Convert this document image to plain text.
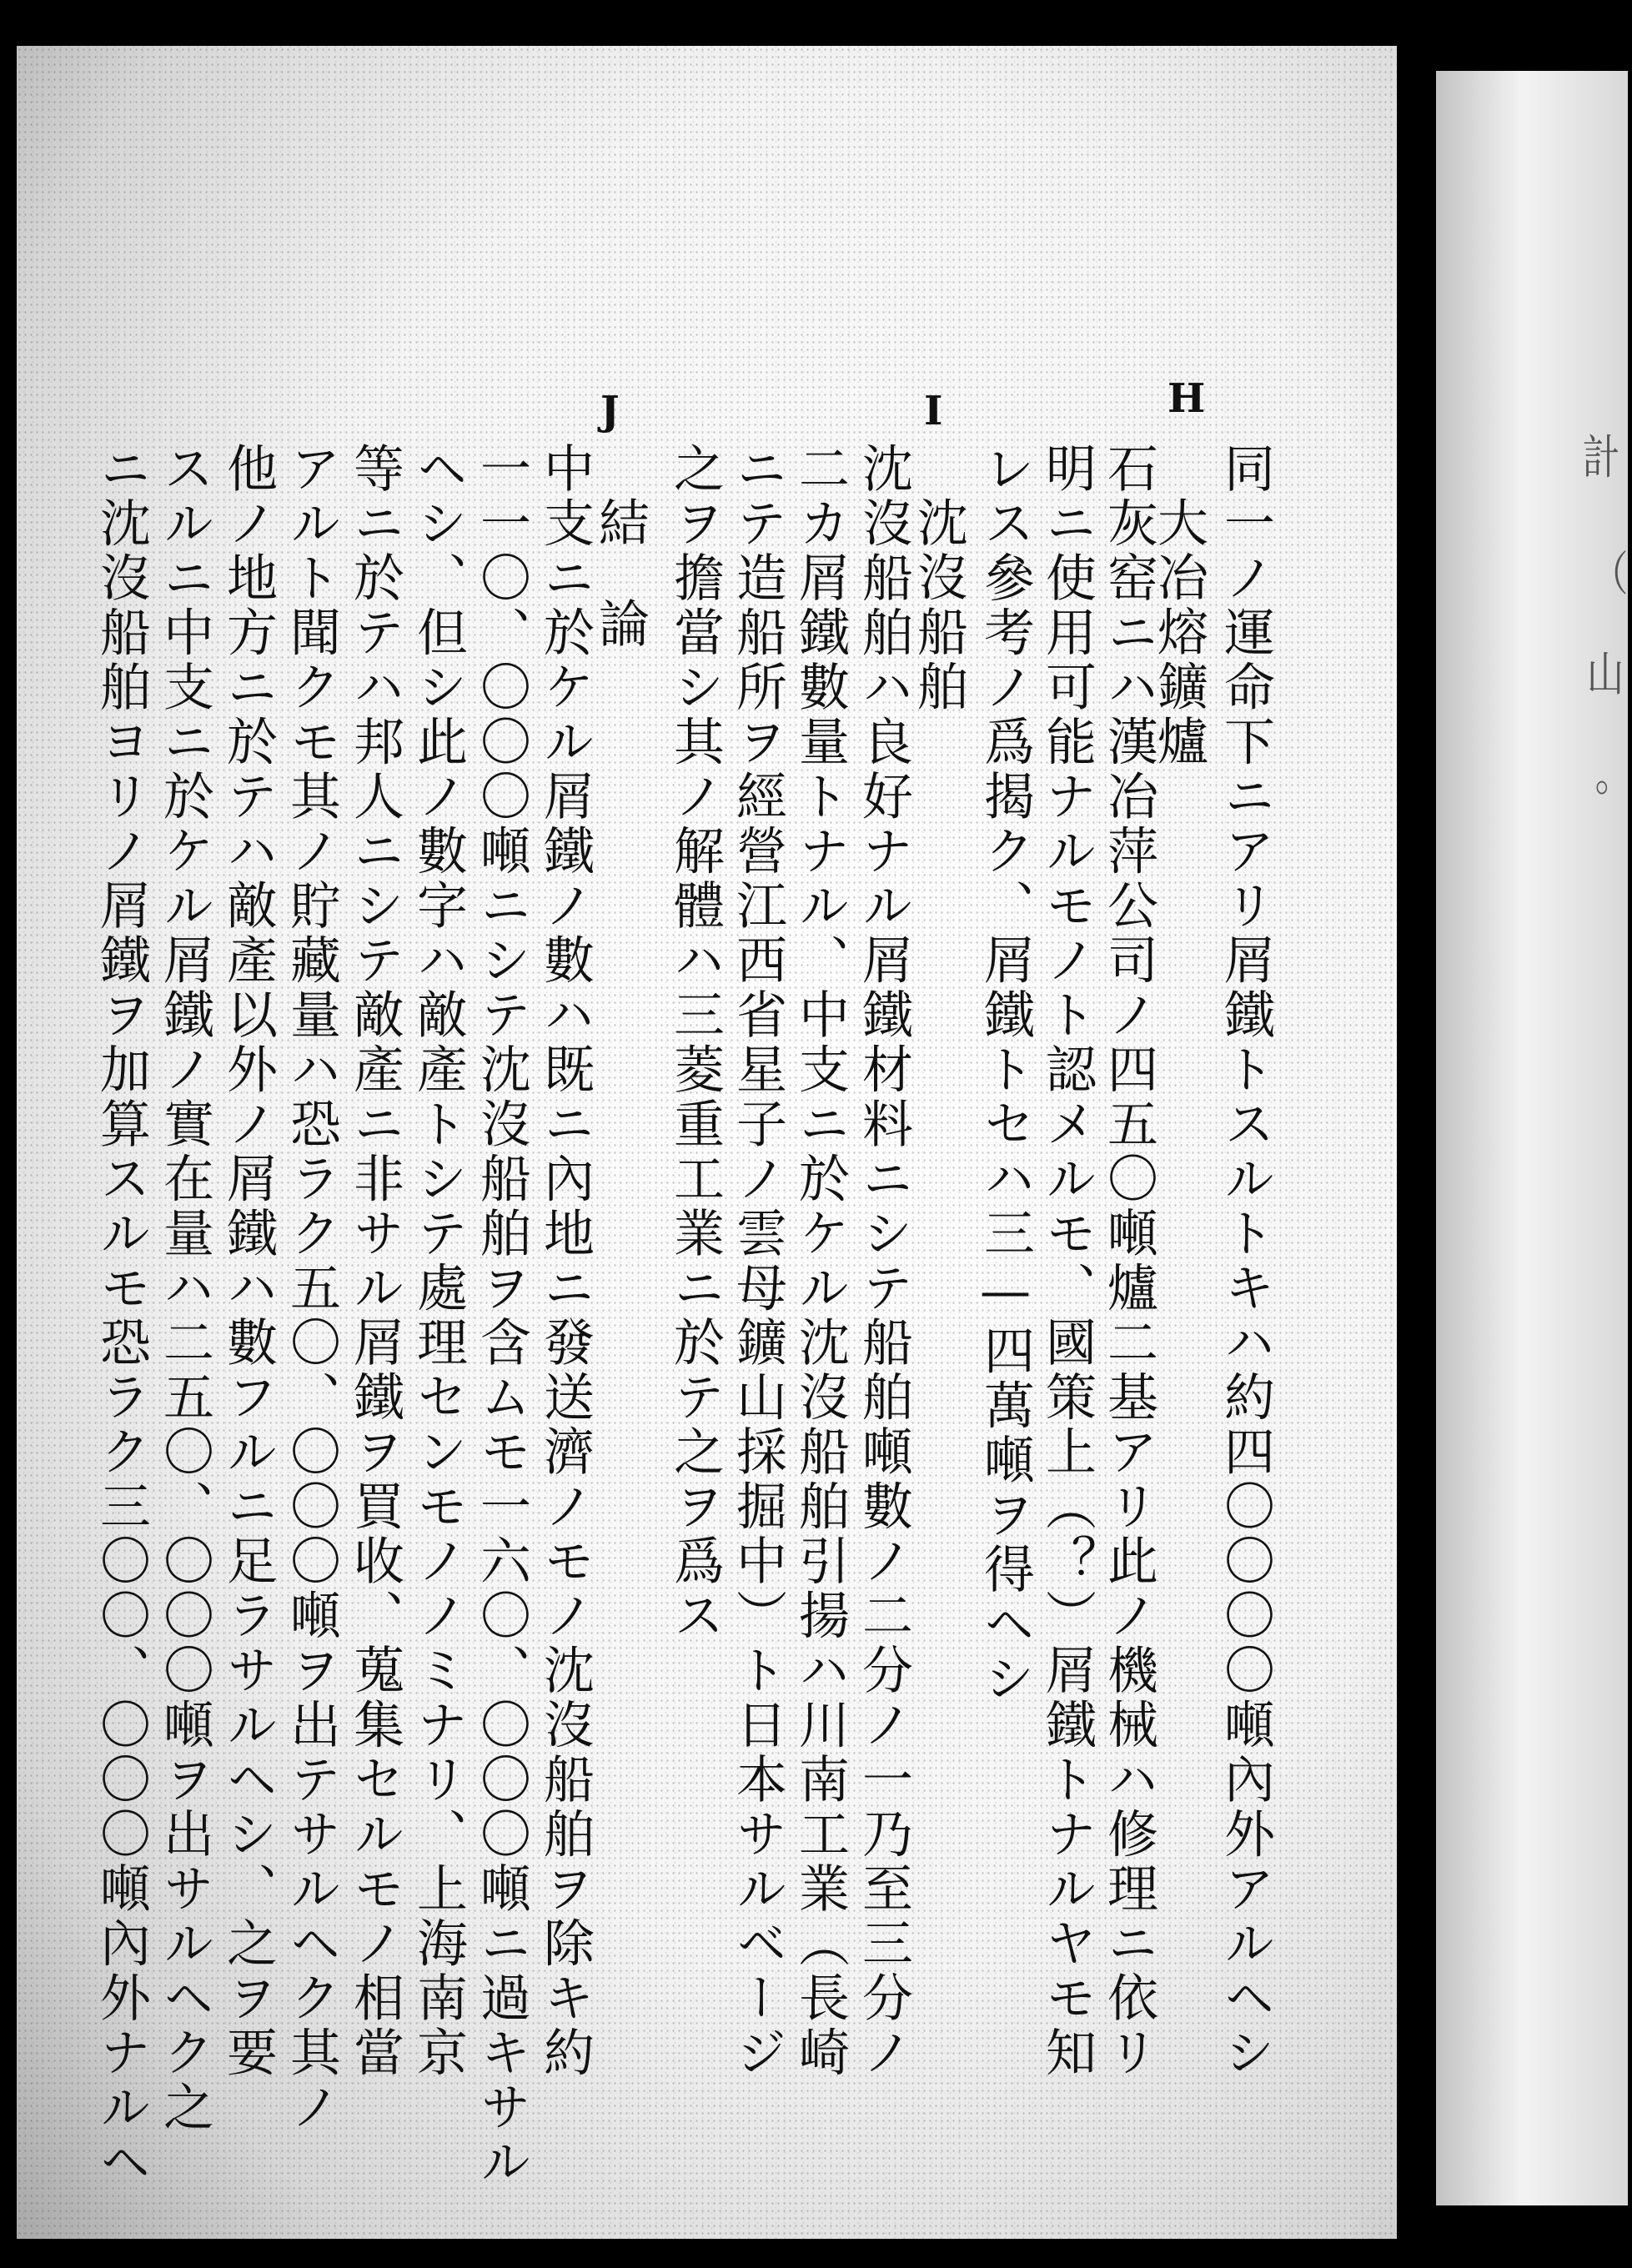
H
I
J
同一ノ運命下ニアリ屑鐵トスルトキハ約四〇〇〇〇噸內外アルヘシ
大冶熔鑛爐
石灰窑ニハ漢冶萍公司ノ四五〇噸爐二基アリ此ノ機械ハ修理ニ依リ
明ニ使用可能ナルモノト認メルモ、國策上（？）屑鐵トナルヤモ知
レス參考ノ爲揭ク、屑鐵トセハ三—四萬噸ヲ得ヘシ
沈沒船舶
沈沒船舶ハ良好ナル屑鐵材料ニシテ船舶噸數ノ二分ノ一乃至三分ノ
二カ屑鐵數量トナル、中支ニ於ケル沈沒船舶引揚ハ川南工業（長崎
ニテ造船所ヲ經營江西省星子ノ雲母鑛山採掘中）ト日本サルベージ
之ヲ擔當シ其ノ解體ハ三菱重工業ニ於テ之ヲ爲ス
結論
中支ニ於ケル屑鐵ノ數ハ既ニ內地ニ發送濟ノモノ沈沒船舶ヲ除キ約
一一〇、〇〇〇噸ニシテ沈沒船舶ヲ含ムモ一六〇、〇〇〇噸ニ過キサル
ヘシ、但シ此ノ數字ハ敵產トシテ處理センモノノミナリ、上海南京
等ニ於テハ邦人ニシテ敵產ニ非サル屑鐵ヲ買收、蒐集セルモノ相當
アルト聞クモ其ノ貯藏量ハ恐ラク五〇、〇〇〇噸ヲ出テサルヘク其ノ
他ノ地方ニ於テハ敵產以外ノ屑鐵ハ數フルニ足ラサルヘシ、之ヲ要
スルニ中支ニ於ケル屑鐵ノ實在量ハ二五〇、〇〇〇噸ヲ出サルヘク之
ニ沈沒船舶ヨリノ屑鐵ヲ加算スルモ恐ラク三〇〇、〇〇〇噸內外ナルヘ	計
（
山
。
